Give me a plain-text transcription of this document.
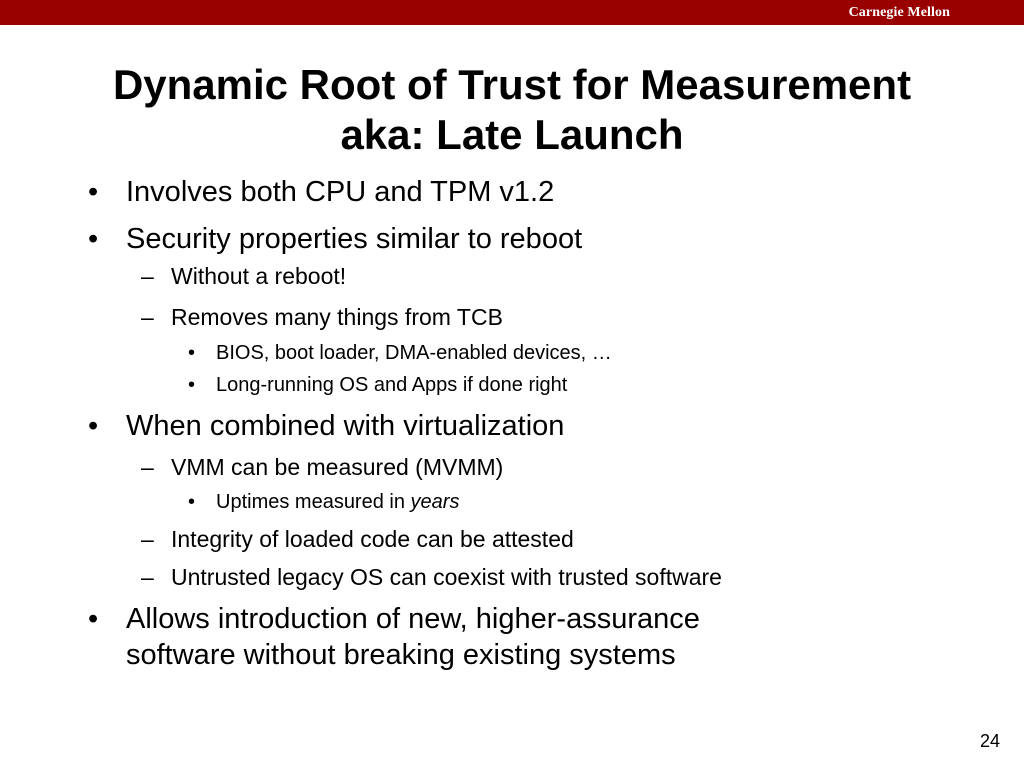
Carnegie Mellon
Dynamic Root of Trust for Measurement
aka: Late Launch
• Involves both CPU and TPM v1.2
• Security properties similar to reboot
– Without a reboot!
– Removes many things from TCB
• BIOS, boot loader, DMA-enabled devices, …
• Long-running OS and Apps if done right
• When combined with virtualization
– VMM can be measured (MVMM)
• Uptimes measured in years
– Integrity of loaded code can be attested
– Untrusted legacy OS can coexist with trusted software
• Allows introduction of new, higher-assurance
software without breaking existing systems
24
